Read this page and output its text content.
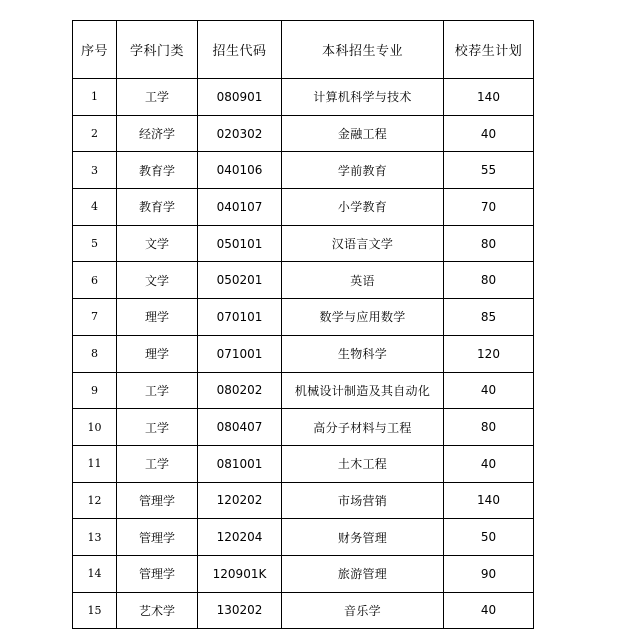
序号	学科门类	招生代码	本科招生专业	校荐生计划
1	工学	080901	计算机科学与技术	140
2	经济学	020302	金融工程	40
3	教育学	040106	学前教育	55
4	教育学	040107	小学教育	70
5	文学	050101	汉语言文学	80
6	文学	050201	英语	80
7	理学	070101	数学与应用数学	85
8	理学	071001	生物科学	120
9	工学	080202	机械设计制造及其自动化	40
10	工学	080407	高分子材料与工程	80
11	工学	081001	土木工程	40
12	管理学	120202	市场营销	140
13	管理学	120204	财务管理	50
14	管理学	120901K	旅游管理	90
15	艺术学	130202	音乐学	40
